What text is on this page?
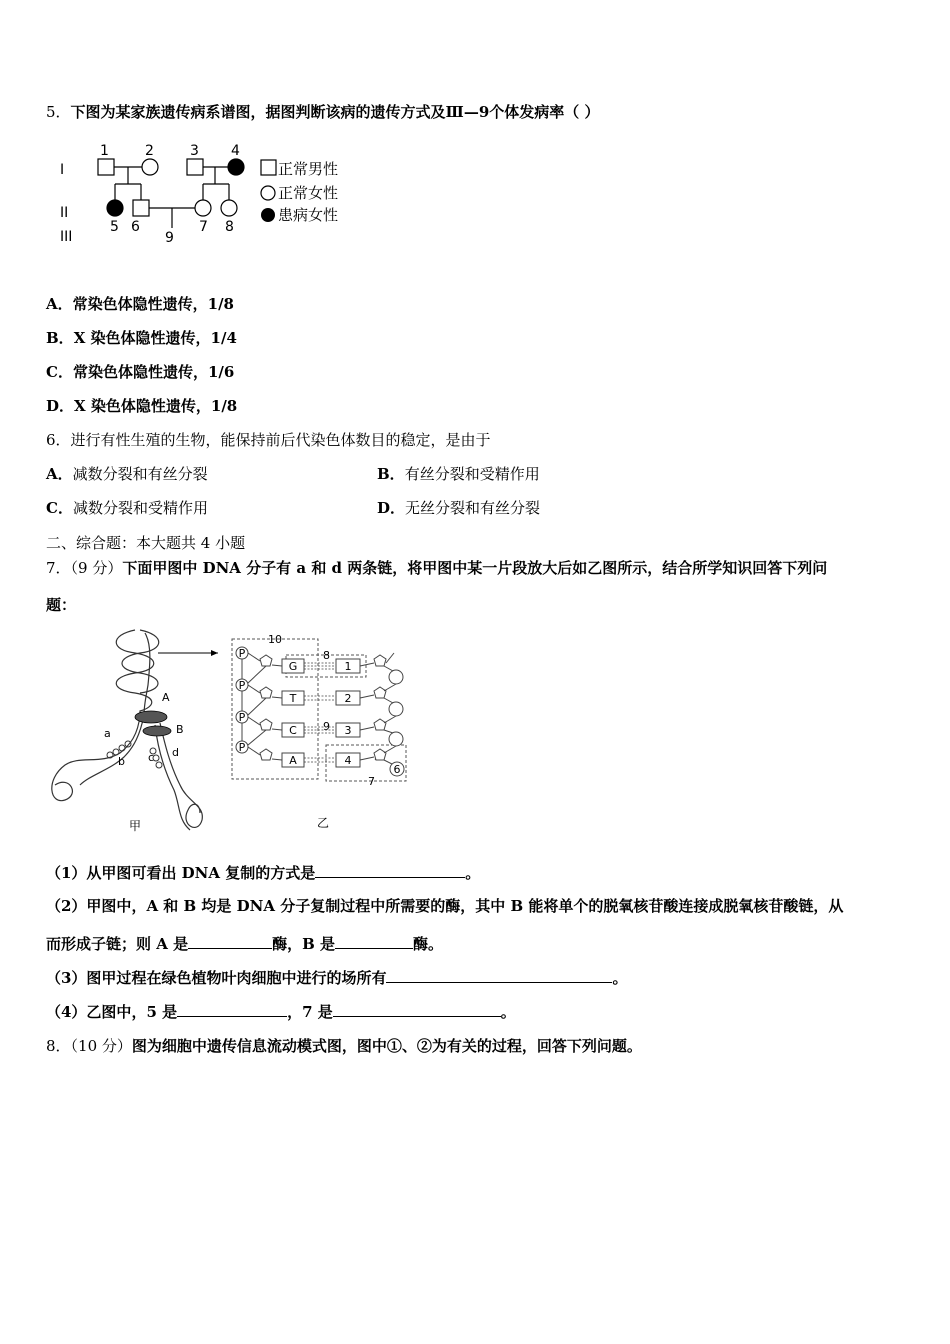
5．下图为某家族遗传病系谱图，据图判断该病的遗传方式及Ⅲ—9个体发病率（ ）
I
II
III
1	2	3 4
5 6	7 8
9
正常男性
正常女性
患病女性
A．常染色体隐性遗传，1/8
B．X 染色体隐性遗传，1/4
C．常染色体隐性遗传，1/6
D．X 染色体隐性遗传，1/8
6．进行有性生殖的生物，能保持前后代染色体数目的稳定，是由于
A．减数分裂和有丝分裂	B．有丝分裂和受精作用
C．减数分裂和受精作用	D．无丝分裂和有丝分裂
二、综合题：本大题共 4 小题
7．（9 分）下面甲图中 DNA 分子有 a 和 d 两条链，将甲图中某一片段放大后如乙图所示，结合所学知识回答下列问
题：
A
B
a
b c d
甲
10
8
9
7
P
P
P
P
G
T
C
A
1
2
3
4
6
乙
（1）从甲图可看出 DNA 复制的方式是	。
（2）甲图中，A 和 B 均是 DNA 分子复制过程中所需要的酶，其中 B 能将单个的脱氧核苷酸连接成脱氧核苷酸链，从
而形成子链；则 A 是	酶，B 是	酶。
（3）图甲过程在绿色植物叶肉细胞中进行的场所有	。
（4）乙图中，5 是	，7 是	。
8．（10 分）图为细胞中遗传信息流动模式图，图中①、②为有关的过程，回答下列问题。
